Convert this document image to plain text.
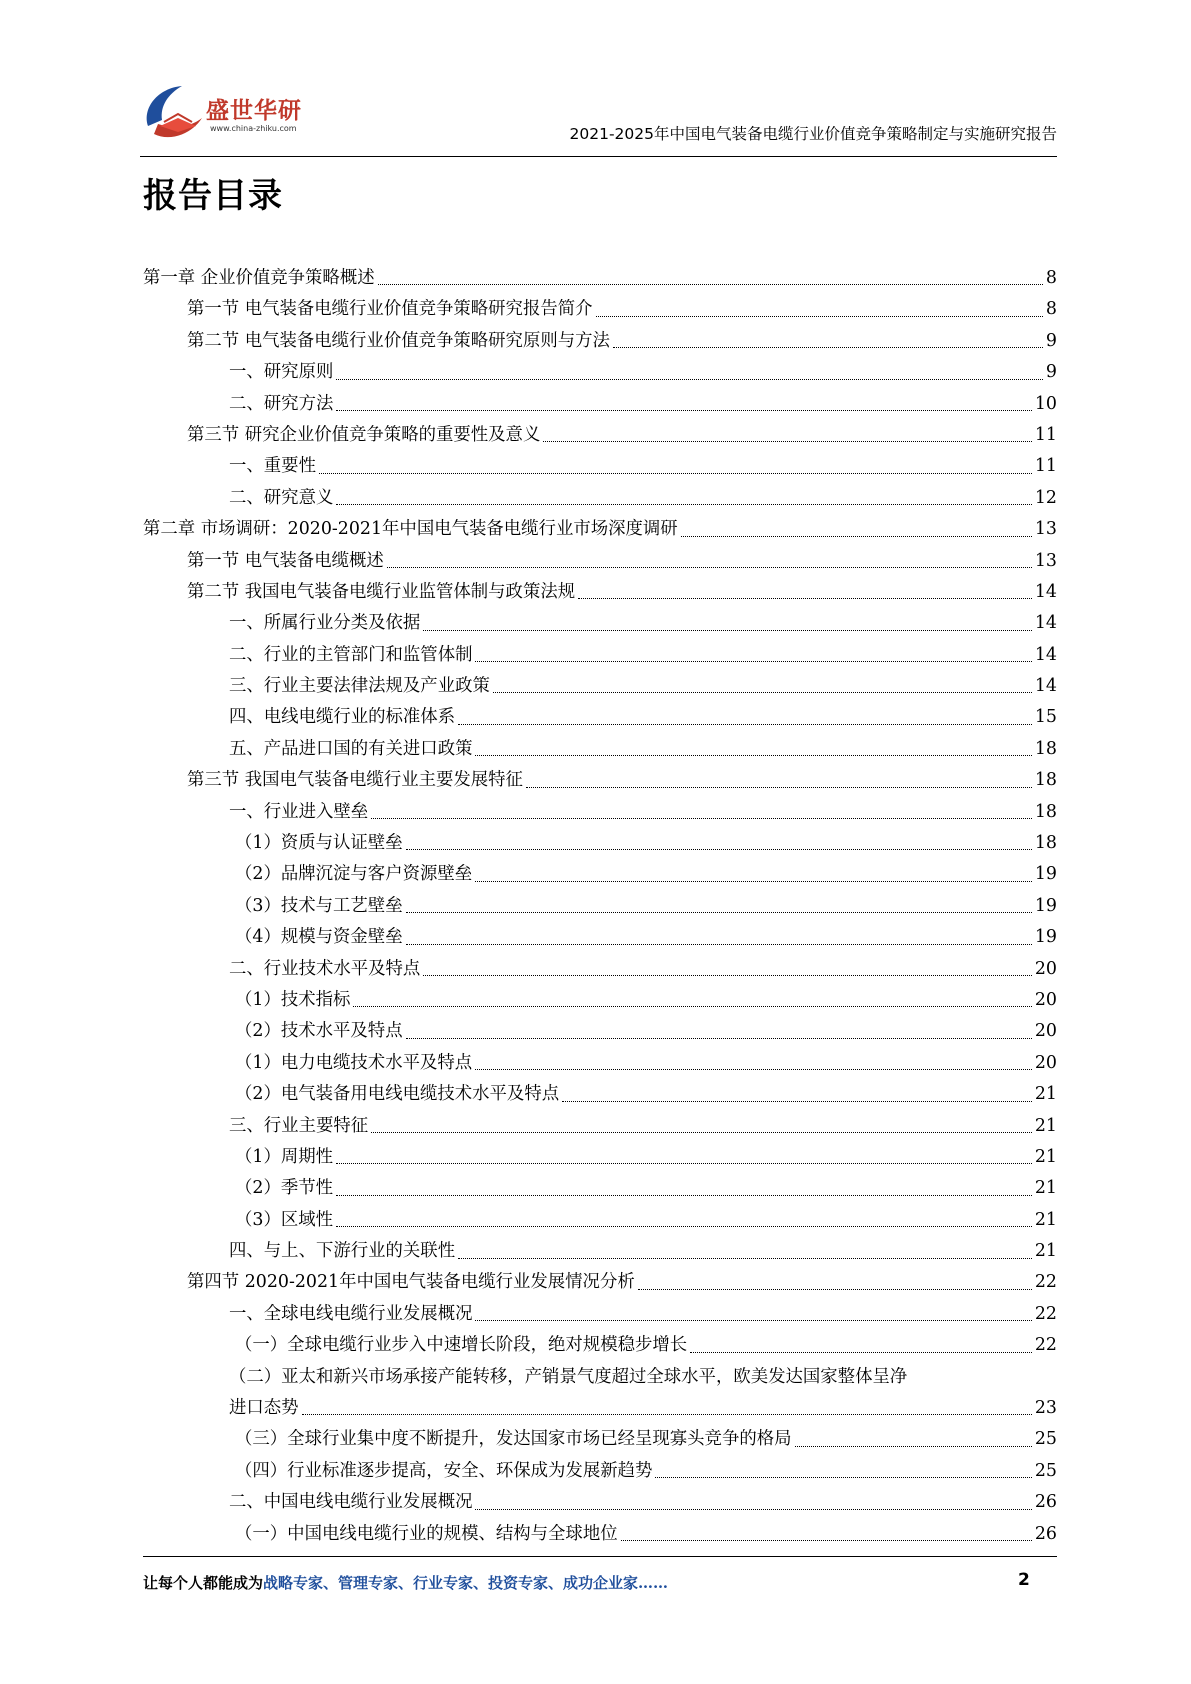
盛世华研
www.china-zhiku.com	2021-2025年中国电气装备电缆行业价值竞争策略制定与实施研究报告
报告目录
第一章 企业价值竞争策略概述	8
第一节 电气装备电缆行业价值竞争策略研究报告简介	8
第二节 电气装备电缆行业价值竞争策略研究原则与方法	9
一、研究原则	9
二、研究方法	10
第三节 研究企业价值竞争策略的重要性及意义	11
一、重要性	11
二、研究意义	12
第二章 市场调研：2020-2021年中国电气装备电缆行业市场深度调研	13
第一节 电气装备电缆概述	13
第二节 我国电气装备电缆行业监管体制与政策法规	14
一、所属行业分类及依据	14
二、行业的主管部门和监管体制	14
三、行业主要法律法规及产业政策	14
四、电线电缆行业的标准体系	15
五、产品进口国的有关进口政策	18
第三节 我国电气装备电缆行业主要发展特征	18
一、行业进入壁垒	18
（1）资质与认证壁垒	18
（2）品牌沉淀与客户资源壁垒	19
（3）技术与工艺壁垒	19
（4）规模与资金壁垒	19
二、行业技术水平及特点	20
（1）技术指标	20
（2）技术水平及特点	20
（1）电力电缆技术水平及特点	20
（2）电气装备用电线电缆技术水平及特点	21
三、行业主要特征	21
（1）周期性	21
（2）季节性	21
（3）区域性	21
四、与上、下游行业的关联性	21
第四节 2020-2021年中国电气装备电缆行业发展情况分析	22
一、全球电线电缆行业发展概况	22
（一）全球电缆行业步入中速增长阶段，绝对规模稳步增长	22
（二）亚太和新兴市场承接产能转移，产销景气度超过全球水平，欧美发达国家整体呈净
进口态势	23
（三）全球行业集中度不断提升，发达国家市场已经呈现寡头竞争的格局	25
（四）行业标准逐步提高，安全、环保成为发展新趋势	25
二、中国电线电缆行业发展概况	26
（一）中国电线电缆行业的规模、结构与全球地位	26
让每个人都能成为战略专家、管理专家、行业专家、投资专家、成功企业家……	2
